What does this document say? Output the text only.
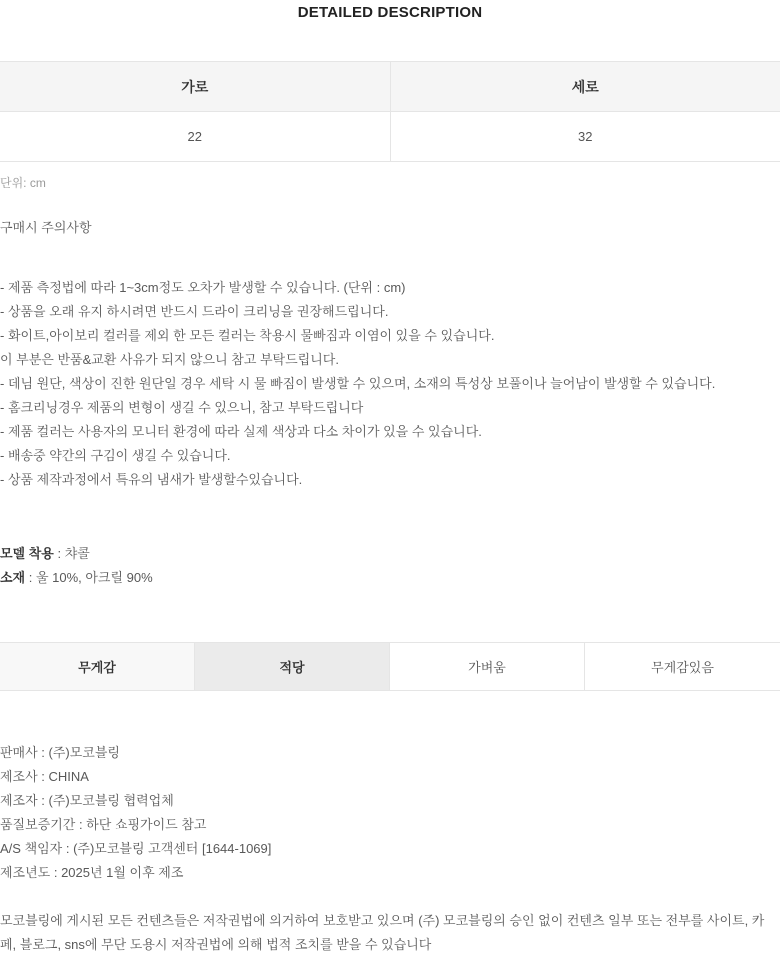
DETAILED DESCRIPTION
가로	세로
22	32

단위: cm

구매시 주의사항

- 제품 측정법에 따라 1~3cm정도 오차가 발생할 수 있습니다. (단위 : cm)

- 상품을 오래 유지 하시려면 반드시 드라이 크리닝을 권장해드립니다.

- 화이트,아이보리 컬러를 제외 한 모든 컬러는 착용시 물빠짐과 이염이 있을 수 있습니다.

이 부분은 반품&교환 사유가 되지 않으니 참고 부탁드립니다.

- 데님 원단, 색상이 진한 원단일 경우 세탁 시 물 빠짐이 발생할 수 있으며, 소재의 특성상 보풀이나 늘어남이 발생할 수 있습니다.

- 홈크리닝경우 제품의 변형이 생길 수 있으니, 참고 부탁드립니다

- 제품 컬러는 사용자의 모니터 환경에 따라 실제 색상과 다소 차이가 있을 수 있습니다.

- 배송중 약간의 구김이 생길 수 있습니다.

- 상품 제작과정에서 특유의 냄새가 발생할수있습니다.

모델 착용 : 챠콜

소재 : 울 10%, 아크릴 90%

무게감	적당	가벼움	무게감있음

판매사 : (주)모코블링

제조사 : CHINA

제조자 : (주)모코블링 협력업체

품질보증기간 : 하단 쇼핑가이드 참고

A/S 책임자 : (주)모코블링 고객센터 [1644-1069]

제조년도 : 2025년 1월 이후 제조

모코블링에 게시된 모든 컨텐츠들은 저작권법에 의거하여 보호받고 있으며 (주) 모코블링의 승인 없이 컨텐츠 일부 또는 전부를 사이트, 카페, 블로그, sns에 무단 도용시 저작권법에 의해 법적 조치를 받을 수 있습니다
